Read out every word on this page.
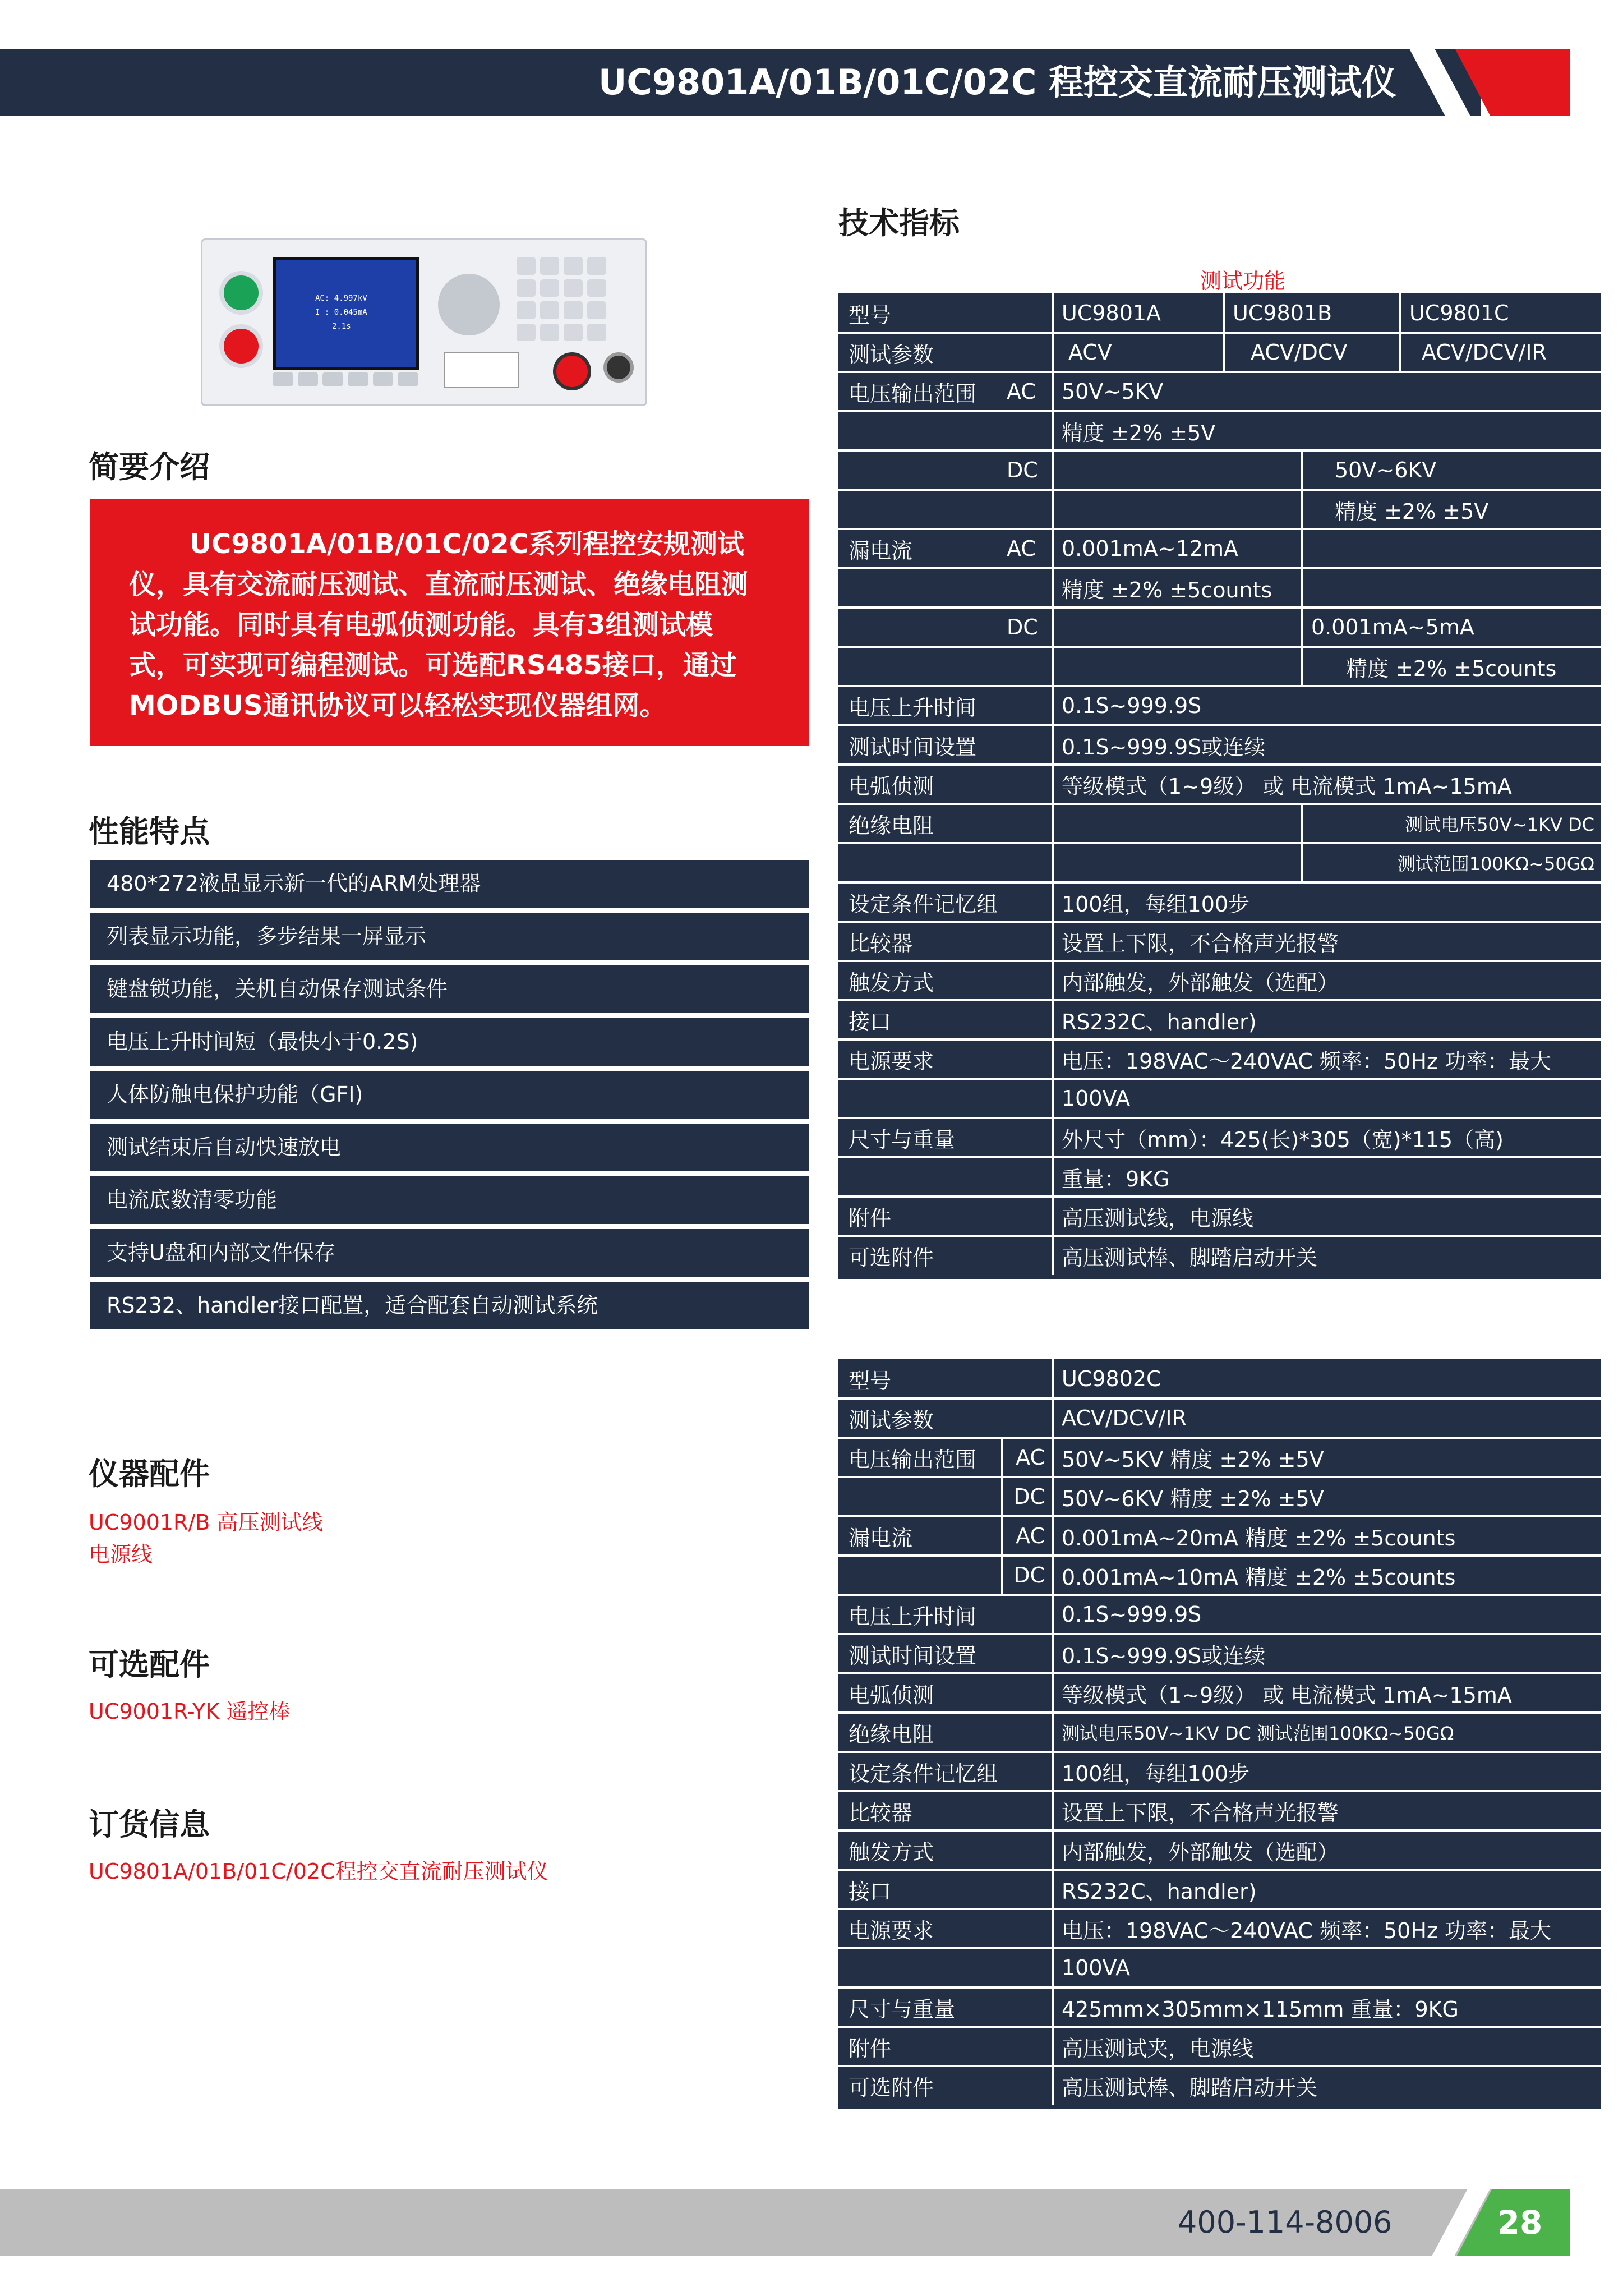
UC9801A/01B/01C/02C 程控交直流耐压测试仪
AC: 4.997kV
I : 0.045mA
2.1s
简要介绍
UC9801A/01B/01C/02C系列程控安规测试
仪，具有交流耐压测试、直流耐压测试、绝缘电阻测
试功能。同时具有电弧侦测功能。具有3组测试模
式，可实现可编程测试。可选配RS485接口，通过
MODBUS通讯协议可以轻松实现仪器组网。
性能特点
480*272液晶显示新一代的ARM处理器
列表显示功能，多步结果一屏显示
键盘锁功能，关机自动保存测试条件
电压上升时间短（最快小于0.2S)
人体防触电保护功能（GFI)
测试结束后自动快速放电
电流底数清零功能
支持U盘和内部文件保存
RS232、handler接口配置，适合配套自动测试系统
仪器配件
UC9001R/B 高压测试线
电源线
可选配件
UC9001R-YK 遥控棒
订货信息
UC9801A/01B/01C/02C程控交直流耐压测试仪
技术指标
测试功能
型号	UC9801A	UC9801B	UC9801C
测试参数	ACV	ACV/DCV	ACV/DCV/IR
电压输出范围	AC	50V~5KV
精度 ±2% ±5V
DC	50V~6KV
精度 ±2% ±5V
漏电流	AC	0.001mA~12mA
精度 ±2% ±5counts
DC	0.001mA~5mA
精度 ±2% ±5counts
电压上升时间	0.1S~999.9S
测试时间设置	0.1S~999.9S或连续
电弧侦测	等级模式（1~9级） 或 电流模式 1mA~15mA
绝缘电阻	测试电压50V~1KV DC
测试范围100KΩ~50GΩ
设定条件记忆组	100组，每组100步
比较器	设置上下限，不合格声光报警
触发方式	内部触发，外部触发（选配）
接口	RS232C、handler)
电源要求	电压：198VAC～240VAC 频率：50Hz 功率：最大
100VA
尺寸与重量	外尺寸（mm）：425(长)*305（宽)*115（高)
重量：9KG
附件	高压测试线，电源线
可选附件	高压测试棒、脚踏启动开关
型号	UC9802C
测试参数	ACV/DCV/IR
电压输出范围	AC 50V~5KV 精度 ±2% ±5V
DC 50V~6KV 精度 ±2% ±5V
漏电流	AC 0.001mA~20mA 精度 ±2% ±5counts
DC 0.001mA~10mA 精度 ±2% ±5counts
电压上升时间	0.1S~999.9S
测试时间设置	0.1S~999.9S或连续
电弧侦测	等级模式（1~9级） 或 电流模式 1mA~15mA
绝缘电阻	测试电压50V~1KV DC 测试范围100KΩ~50GΩ
设定条件记忆组	100组，每组100步
比较器	设置上下限，不合格声光报警
触发方式	内部触发，外部触发（选配）
接口	RS232C、handler)
电源要求	电压：198VAC～240VAC 频率：50Hz 功率：最大
100VA
尺寸与重量	425mm×305mm×115mm 重量：9KG
附件	高压测试夹，电源线
可选附件	高压测试棒、脚踏启动开关
400-114-8006	28
